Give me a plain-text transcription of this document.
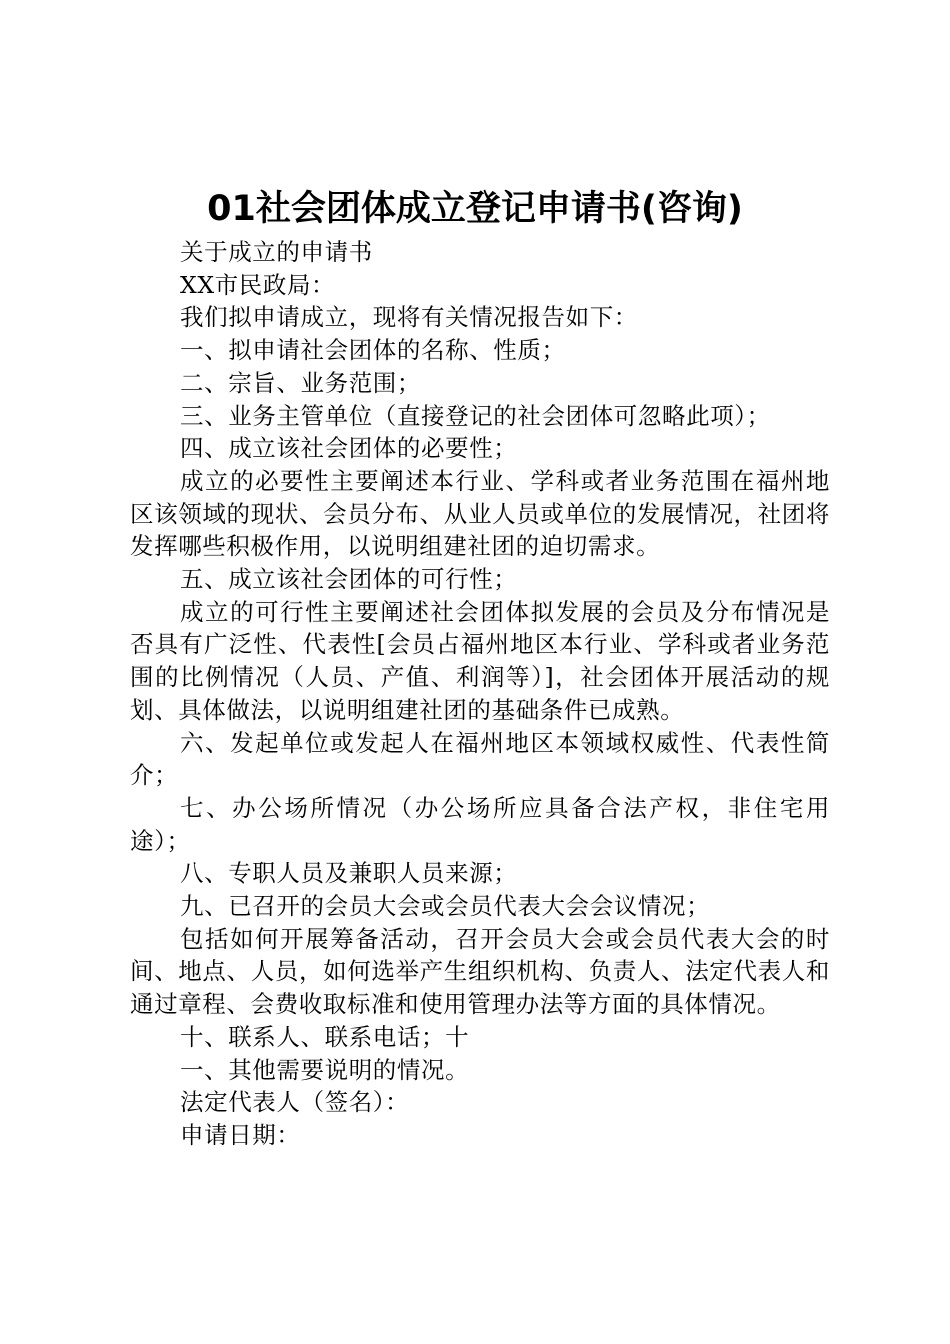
01社会团体成立登记申请书(咨询)

关于成立的申请书

XX市民政局：

我们拟申请成立，现将有关情况报告如下：

一、拟申请社会团体的名称、性质；

二、宗旨、业务范围；

三、业务主管单位（直接登记的社会团体可忽略此项）；

四、成立该社会团体的必要性；

成立的必要性主要阐述本行业、学科或者业务范围在福州地区该领域的现状、会员分布、从业人员或单位的发展情况，社团将发挥哪些积极作用，以说明组建社团的迫切需求。

五、成立该社会团体的可行性；

成立的可行性主要阐述社会团体拟发展的会员及分布情况是否具有广泛性、代表性[会员占福州地区本行业、学科或者业务范围的比例情况（人员、产值、利润等）]，社会团体开展活动的规划、具体做法，以说明组建社团的基础条件已成熟。

六、发起单位或发起人在福州地区本领域权威性、代表性简介；

七、办公场所情况（办公场所应具备合法产权，非住宅用途）；

八、专职人员及兼职人员来源；

九、已召开的会员大会或会员代表大会会议情况；

包括如何开展筹备活动，召开会员大会或会员代表大会的时间、地点、人员，如何选举产生组织机构、负责人、法定代表人和通过章程、会费收取标准和使用管理办法等方面的具体情况。

十、联系人、联系电话；十

一、其他需要说明的情况。

法定代表人（签名）：

申请日期：
